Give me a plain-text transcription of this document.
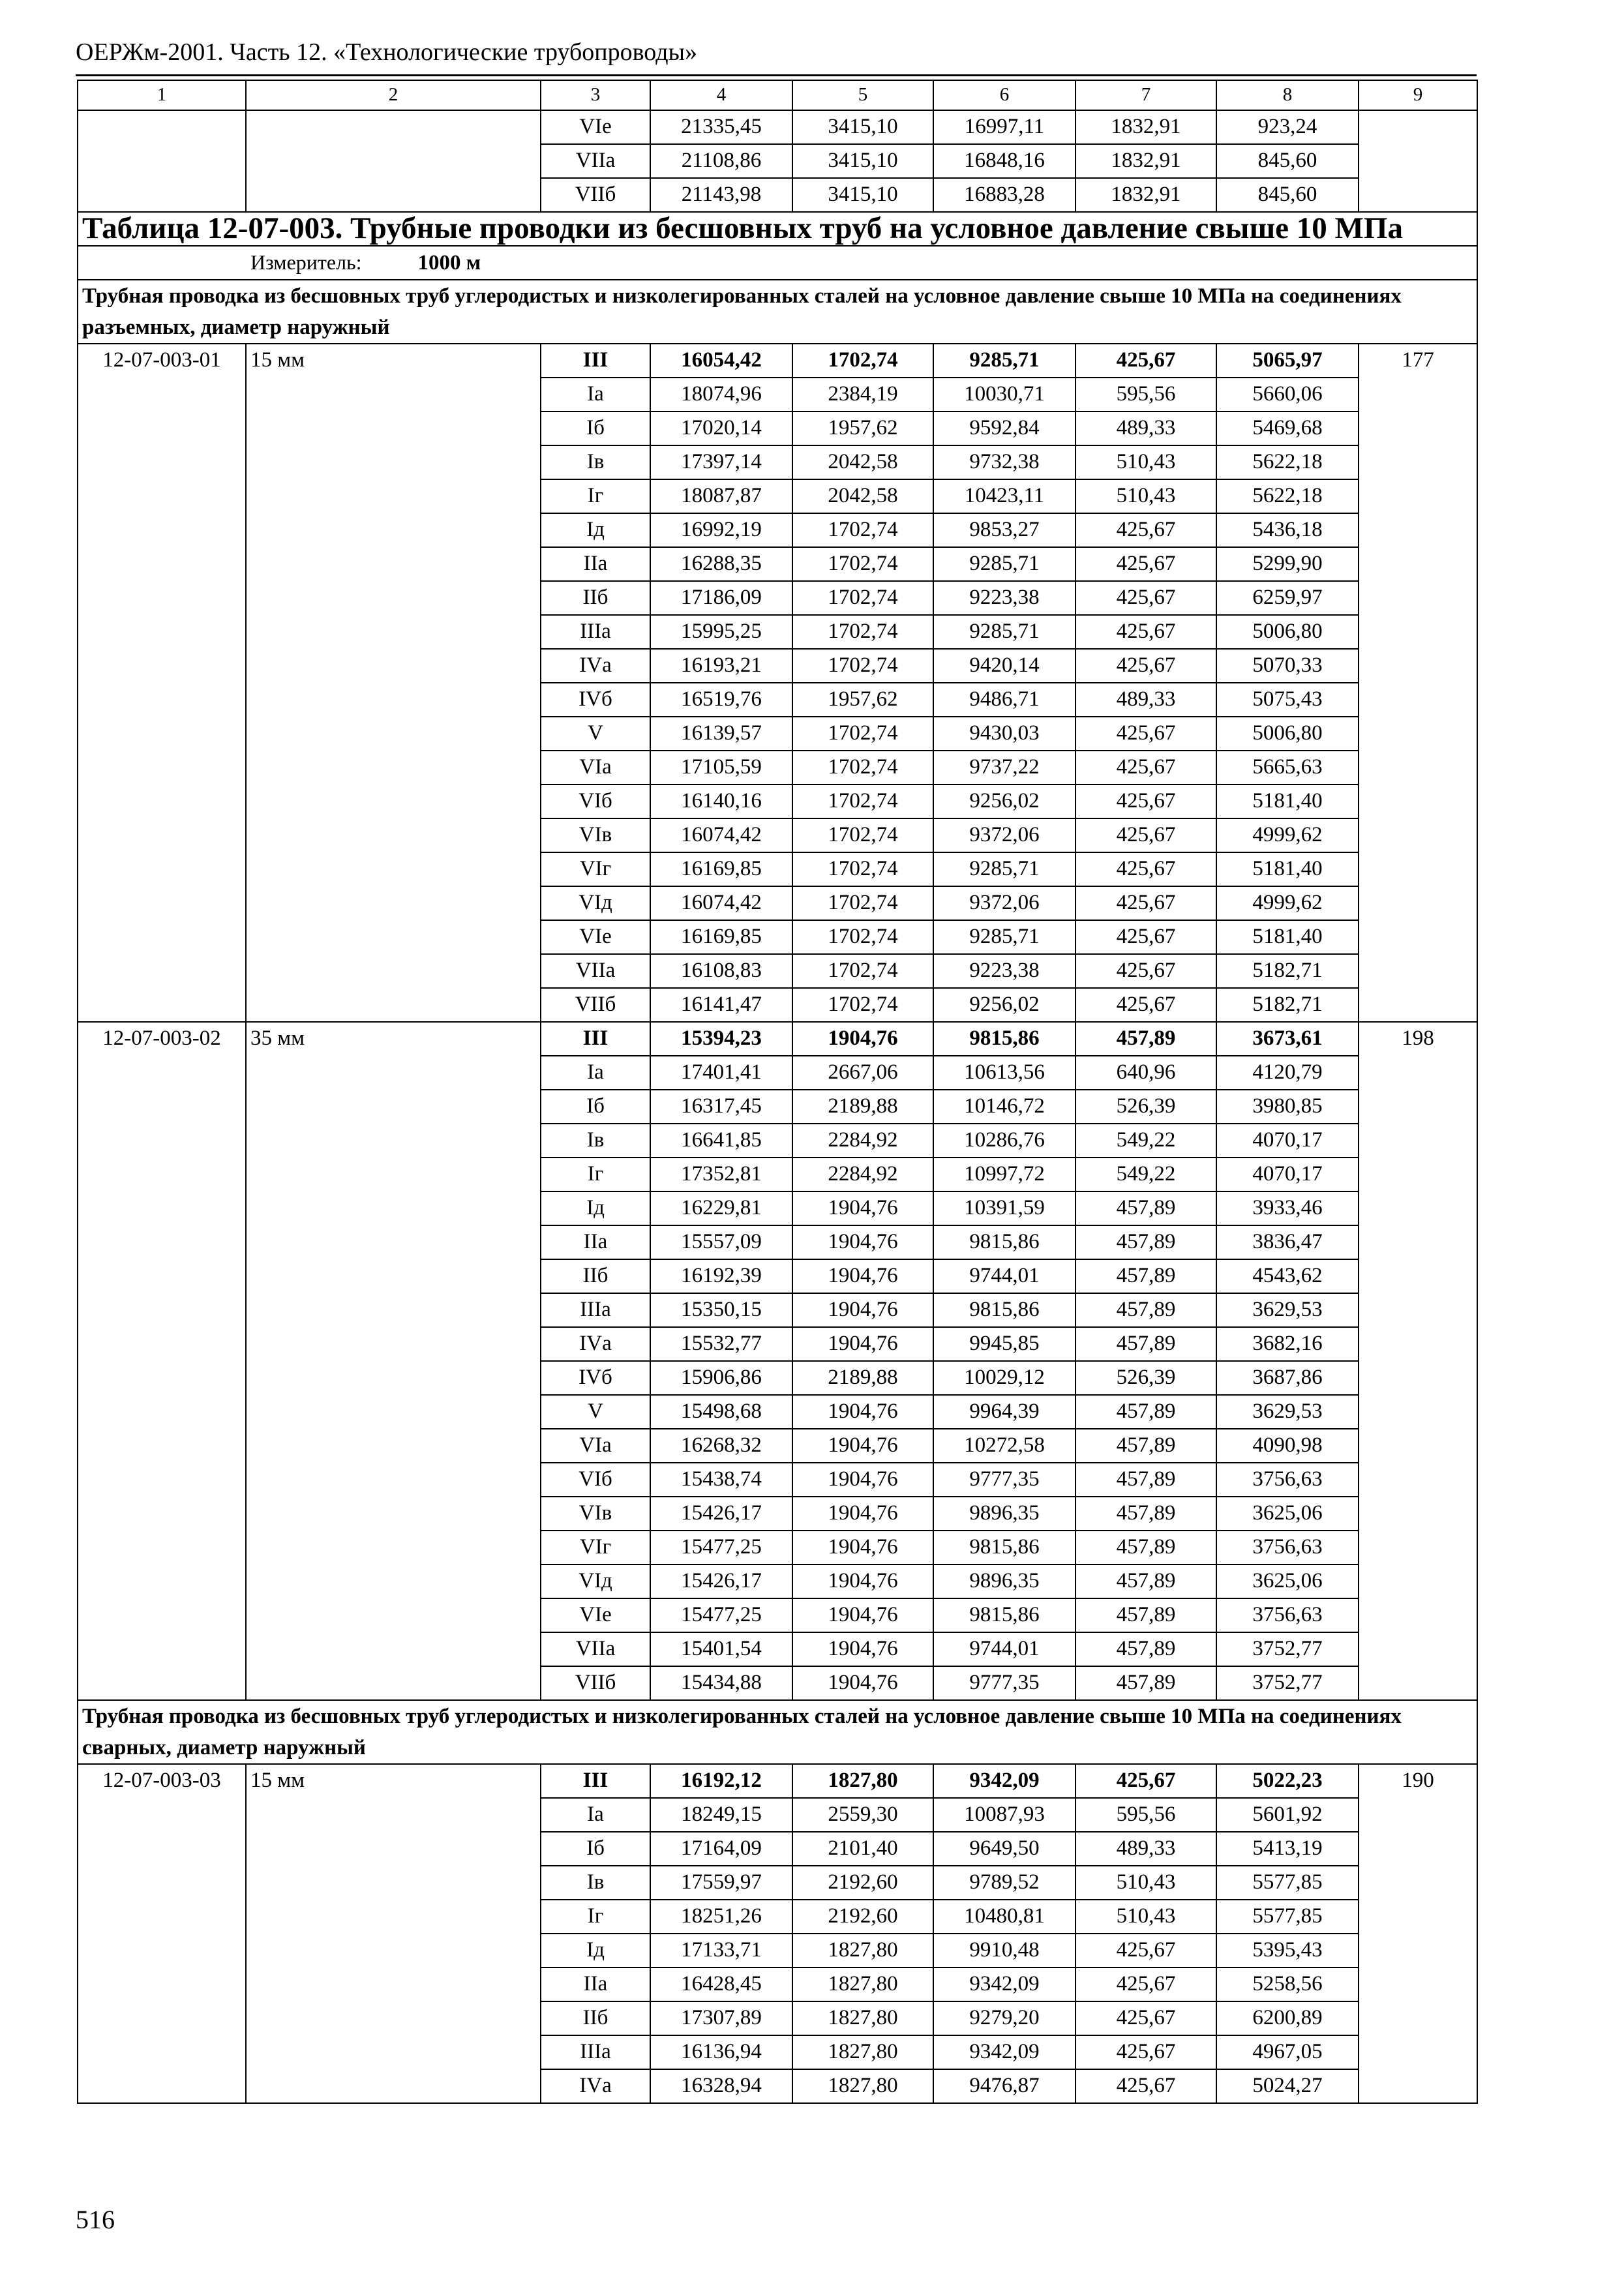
ОЕРЖм-2001. Часть 12. «Технологические трубопроводы»
1	2	3	4	5	6	7	8	9
		VIе	21335,45	3415,10	16997,11	1832,91	923,24	
		VIIа	21108,86	3415,10	16848,16	1832,91	845,60	
		VIIб	21143,98	3415,10	16883,28	1832,91	845,60	
Таблица 12-07-003. Трубные проводки из бесшовных труб на условное давление свыше 10 МПа								
Измеритель: 1000 м								
Трубная проводка из бесшовных труб углеродистых и низколегированных сталей на условное давление свыше 10 МПа на соединениях разъемных, диаметр наружный								
12-07-003-01	15 мм	III	16054,42	1702,74	9285,71	425,67	5065,97	177
		Iа	18074,96	2384,19	10030,71	595,56	5660,06	
		Iб	17020,14	1957,62	9592,84	489,33	5469,68	
		Iв	17397,14	2042,58	9732,38	510,43	5622,18	
		Iг	18087,87	2042,58	10423,11	510,43	5622,18	
		Iд	16992,19	1702,74	9853,27	425,67	5436,18	
		IIа	16288,35	1702,74	9285,71	425,67	5299,90	
		IIб	17186,09	1702,74	9223,38	425,67	6259,97	
		IIIа	15995,25	1702,74	9285,71	425,67	5006,80	
		IVа	16193,21	1702,74	9420,14	425,67	5070,33	
		IVб	16519,76	1957,62	9486,71	489,33	5075,43	
		V	16139,57	1702,74	9430,03	425,67	5006,80	
		VIа	17105,59	1702,74	9737,22	425,67	5665,63	
		VIб	16140,16	1702,74	9256,02	425,67	5181,40	
		VIв	16074,42	1702,74	9372,06	425,67	4999,62	
		VIг	16169,85	1702,74	9285,71	425,67	5181,40	
		VIд	16074,42	1702,74	9372,06	425,67	4999,62	
		VIе	16169,85	1702,74	9285,71	425,67	5181,40	
		VIIа	16108,83	1702,74	9223,38	425,67	5182,71	
		VIIб	16141,47	1702,74	9256,02	425,67	5182,71	
12-07-003-02	35 мм	III	15394,23	1904,76	9815,86	457,89	3673,61	198
		Iа	17401,41	2667,06	10613,56	640,96	4120,79	
		Iб	16317,45	2189,88	10146,72	526,39	3980,85	
		Iв	16641,85	2284,92	10286,76	549,22	4070,17	
		Iг	17352,81	2284,92	10997,72	549,22	4070,17	
		Iд	16229,81	1904,76	10391,59	457,89	3933,46	
		IIа	15557,09	1904,76	9815,86	457,89	3836,47	
		IIб	16192,39	1904,76	9744,01	457,89	4543,62	
		IIIа	15350,15	1904,76	9815,86	457,89	3629,53	
		IVа	15532,77	1904,76	9945,85	457,89	3682,16	
		IVб	15906,86	2189,88	10029,12	526,39	3687,86	
		V	15498,68	1904,76	9964,39	457,89	3629,53	
		VIа	16268,32	1904,76	10272,58	457,89	4090,98	
		VIб	15438,74	1904,76	9777,35	457,89	3756,63	
		VIв	15426,17	1904,76	9896,35	457,89	3625,06	
		VIг	15477,25	1904,76	9815,86	457,89	3756,63	
		VIд	15426,17	1904,76	9896,35	457,89	3625,06	
		VIе	15477,25	1904,76	9815,86	457,89	3756,63	
		VIIа	15401,54	1904,76	9744,01	457,89	3752,77	
		VIIб	15434,88	1904,76	9777,35	457,89	3752,77	
Трубная проводка из бесшовных труб углеродистых и низколегированных сталей на условное давление свыше 10 МПа на соединениях сварных, диаметр наружный								
12-07-003-03	15 мм	III	16192,12	1827,80	9342,09	425,67	5022,23	190
		Iа	18249,15	2559,30	10087,93	595,56	5601,92	
		Iб	17164,09	2101,40	9649,50	489,33	5413,19	
		Iв	17559,97	2192,60	9789,52	510,43	5577,85	
		Iг	18251,26	2192,60	10480,81	510,43	5577,85	
		Iд	17133,71	1827,80	9910,48	425,67	5395,43	
		IIа	16428,45	1827,80	9342,09	425,67	5258,56	
		IIб	17307,89	1827,80	9279,20	425,67	6200,89	
		IIIа	16136,94	1827,80	9342,09	425,67	4967,05	
		IVа	16328,94	1827,80	9476,87	425,67	5024,27	
516
